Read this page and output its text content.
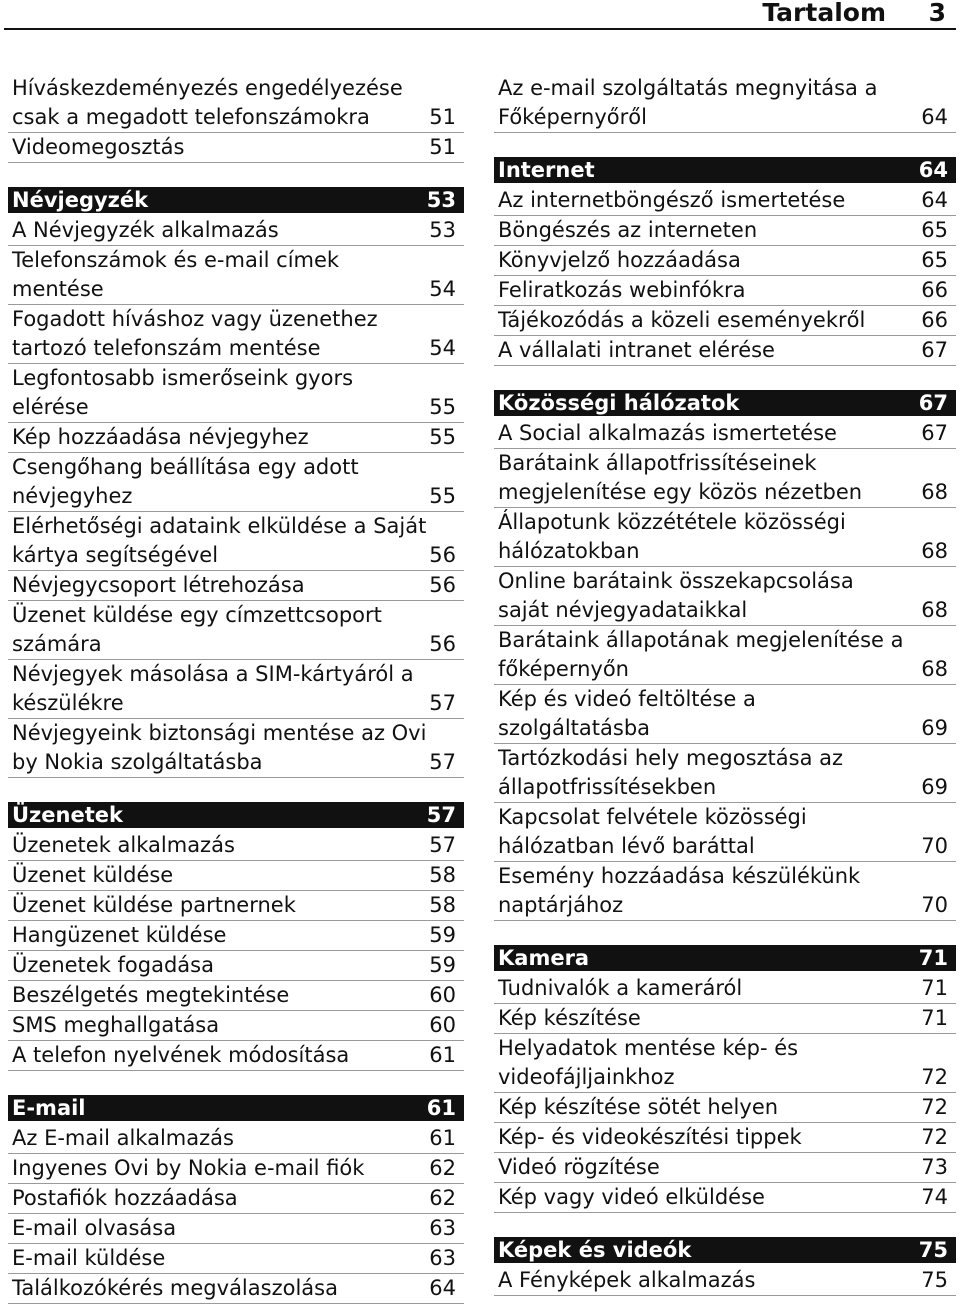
Tartalom 3
Híváskezdeményezés engedélyezése
csak a megadott telefonszámokra	51
Videomegosztás	51
Névjegyzék	53
A Névjegyzék alkalmazás	53
Telefonszámok és e-mail címek
mentése	54
Fogadott híváshoz vagy üzenethez
tartozó telefonszám mentése	54
Legfontosabb ismerőseink gyors
elérése	55
Kép hozzáadása névjegyhez	55
Csengőhang beállítása egy adott
névjegyhez	55
Elérhetőségi adataink elküldése a Saját
kártya segítségével	56
Névjegycsoport létrehozása	56
Üzenet küldése egy címzettcsoport
számára	56
Névjegyek másolása a SIM-kártyáról a
készülékre	57
Névjegyeink biztonsági mentése az Ovi
by Nokia szolgáltatásba	57
Üzenetek	57
Üzenetek alkalmazás	57
Üzenet küldése	58
Üzenet küldése partnernek	58
Hangüzenet küldése	59
Üzenetek fogadása	59
Beszélgetés megtekintése	60
SMS meghallgatása	60
A telefon nyelvének módosítása	61
E-mail	61
Az E-mail alkalmazás	61
Ingyenes Ovi by Nokia e-mail fiók	62
Postafiók hozzáadása	62
E-mail olvasása	63
E-mail küldése	63
Találkozókérés megválaszolása	64
Az e-mail szolgáltatás megnyitása a
Főképernyőről	64
Internet	64
Az internetböngésző ismertetése	64
Böngészés az interneten	65
Könyvjelző hozzáadása	65
Feliratkozás webinfókra	66
Tájékozódás a közeli eseményekről	66
A vállalati intranet elérése	67
Közösségi hálózatok	67
A Social alkalmazás ismertetése	67
Barátaink állapotfrissítéseinek
megjelenítése egy közös nézetben	68
Állapotunk közzététele közösségi
hálózatokban	68
Online barátaink összekapcsolása
saját névjegyadataikkal	68
Barátaink állapotának megjelenítése a
főképernyőn	68
Kép és videó feltöltése a
szolgáltatásba	69
Tartózkodási hely megosztása az
állapotfrissítésekben	69
Kapcsolat felvétele közösségi
hálózatban lévő baráttal	70
Esemény hozzáadása készülékünk
naptárjához	70
Kamera	71
Tudnivalók a kameráról	71
Kép készítése	71
Helyadatok mentése kép- és
videofájljainkhoz	72
Kép készítése sötét helyen	72
Kép- és videokészítési tippek	72
Videó rögzítése	73
Kép vagy videó elküldése	74
Képek és videók	75
A Fényképek alkalmazás	75
